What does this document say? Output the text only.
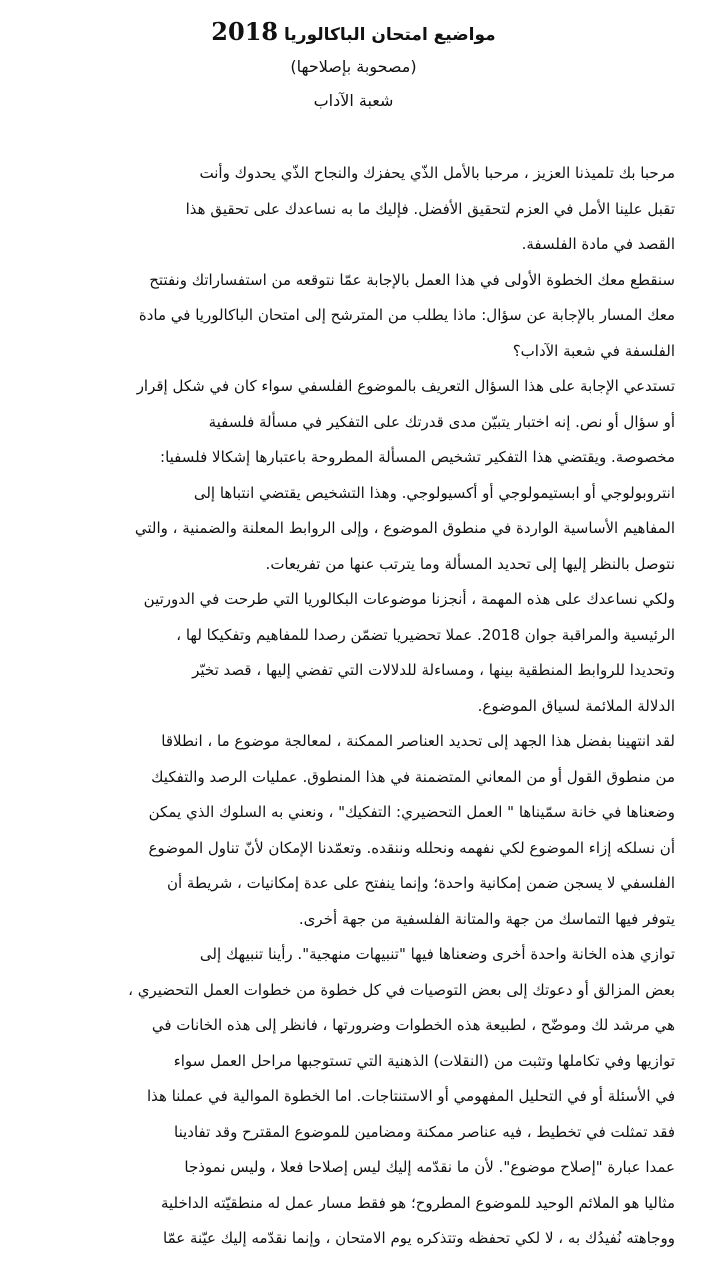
مواضيع امتحان الباكالوريا 2018

(مصحوبة بإصلاحها)

شعبة الآداب

مرحبا بك تلميذنا العزيز ، مرحبا بالأمل الذّي يحفزك والنجاح الذّي يحدوك وأنت
تقبل علينا الأمل في العزم لتحقيق الأفضل. فإليك ما به نساعدك على تحقيق هذا
القصد في مادة الفلسفة.
سنقطع معك الخطوة الأولى في هذا العمل بالإجابة عمّا نتوقعه من استفساراتك ونفتتح
معك المسار بالإجابة عن سؤال: ماذا يطلب من المترشح إلى امتحان الباكالوريا في مادة
الفلسفة في شعبة الآداب؟
تستدعي الإجابة على هذا السؤال التعريف بالموضوع الفلسفي سواء كان في شكل إقرار
أو سؤال أو نص. إنه اختبار يتبيّن مدى قدرتك على التفكير في مسألة فلسفية
مخصوصة. ويقتضي هذا التفكير تشخيص المسألة المطروحة باعتبارها إشكالا فلسفيا:
انتروبولوجي أو ابستيمولوجي أو أكسيولوجي. وهذا التشخيص يقتضي انتباها إلى
المفاهيم الأساسية الواردة في منطوق الموضوع ، وإلى الروابط المعلنة والضمنية ، والتي
نتوصل بالنظر إليها إلى تحديد المسألة وما يترتب عنها من تفريعات.
ولكي نساعدك على هذه المهمة ، أنجزنا موضوعات البكالوريا التي طرحت في الدورتين
الرئيسية والمراقبة جوان 2018. عملا تحضيريا تضمّن رصدا للمفاهيم وتفكيكا لها ،
وتحديدا للروابط المنطقية بينها ، ومساءلة للدلالات التي تفضي إليها ، قصد تخيّر
الدلالة الملائمة لسياق الموضوع.
لقد انتهينا بفضل هذا الجهد إلى تحديد العناصر الممكنة ، لمعالجة موضوع ما ، انطلاقا
من منطوق القول أو من المعاني المتضمنة في هذا المنطوق. عمليات الرصد والتفكيك
وضعناها في خانة سمّيناها " العمل التحضيري: التفكيك" ، ونعني به السلوك الذي يمكن
أن نسلكه إزاء الموضوع لكي نفهمه ونحلله وننقده. وتعمّدنا الإمكان لأنّ تناول الموضوع
الفلسفي لا يسجن ضمن إمكانية واحدة؛ وإنما ينفتح على عدة إمكانيات ، شريطة أن
يتوفر فيها التماسك من جهة والمتانة الفلسفية من جهة أخرى.
توازي هذه الخانة واحدة أخرى وضعناها فيها "تنبيهات منهجية". رأينا تنبيهك إلى
بعض المزالق أو دعوتك إلى بعض التوصيات في كل خطوة من خطوات العمل التحضيري ،
هي مرشد لك وموضّح ، لطبيعة هذه الخطوات وضرورتها ، فانظر إلى هذه الخانات في
توازيها وفي تكاملها وتثبت من (النقلات) الذهنية التي تستوجبها مراحل العمل سواء
في الأسئلة أو في التحليل المفهومي أو الاستنتاجات. اما الخطوة الموالية في عملنا هذا
فقد تمثلت في تخطيط ، فيه عناصر ممكنة ومضامين للموضوع المقترح وقد تفادينا
عمدا عبارة "إصلاح موضوع". لأن ما نقدّمه إليك ليس إصلاحا فعلا ، وليس نموذجا
مثاليا هو الملائم الوحيد للموضوع المطروح؛ هو فقط مسار عمل له منطقيّته الداخلية
ووجاهته نُفيدُك به ، لا لكي تحفظه وتتذكره يوم الامتحان ، وإنما نقدّمه إليك عيّنة عمّا
